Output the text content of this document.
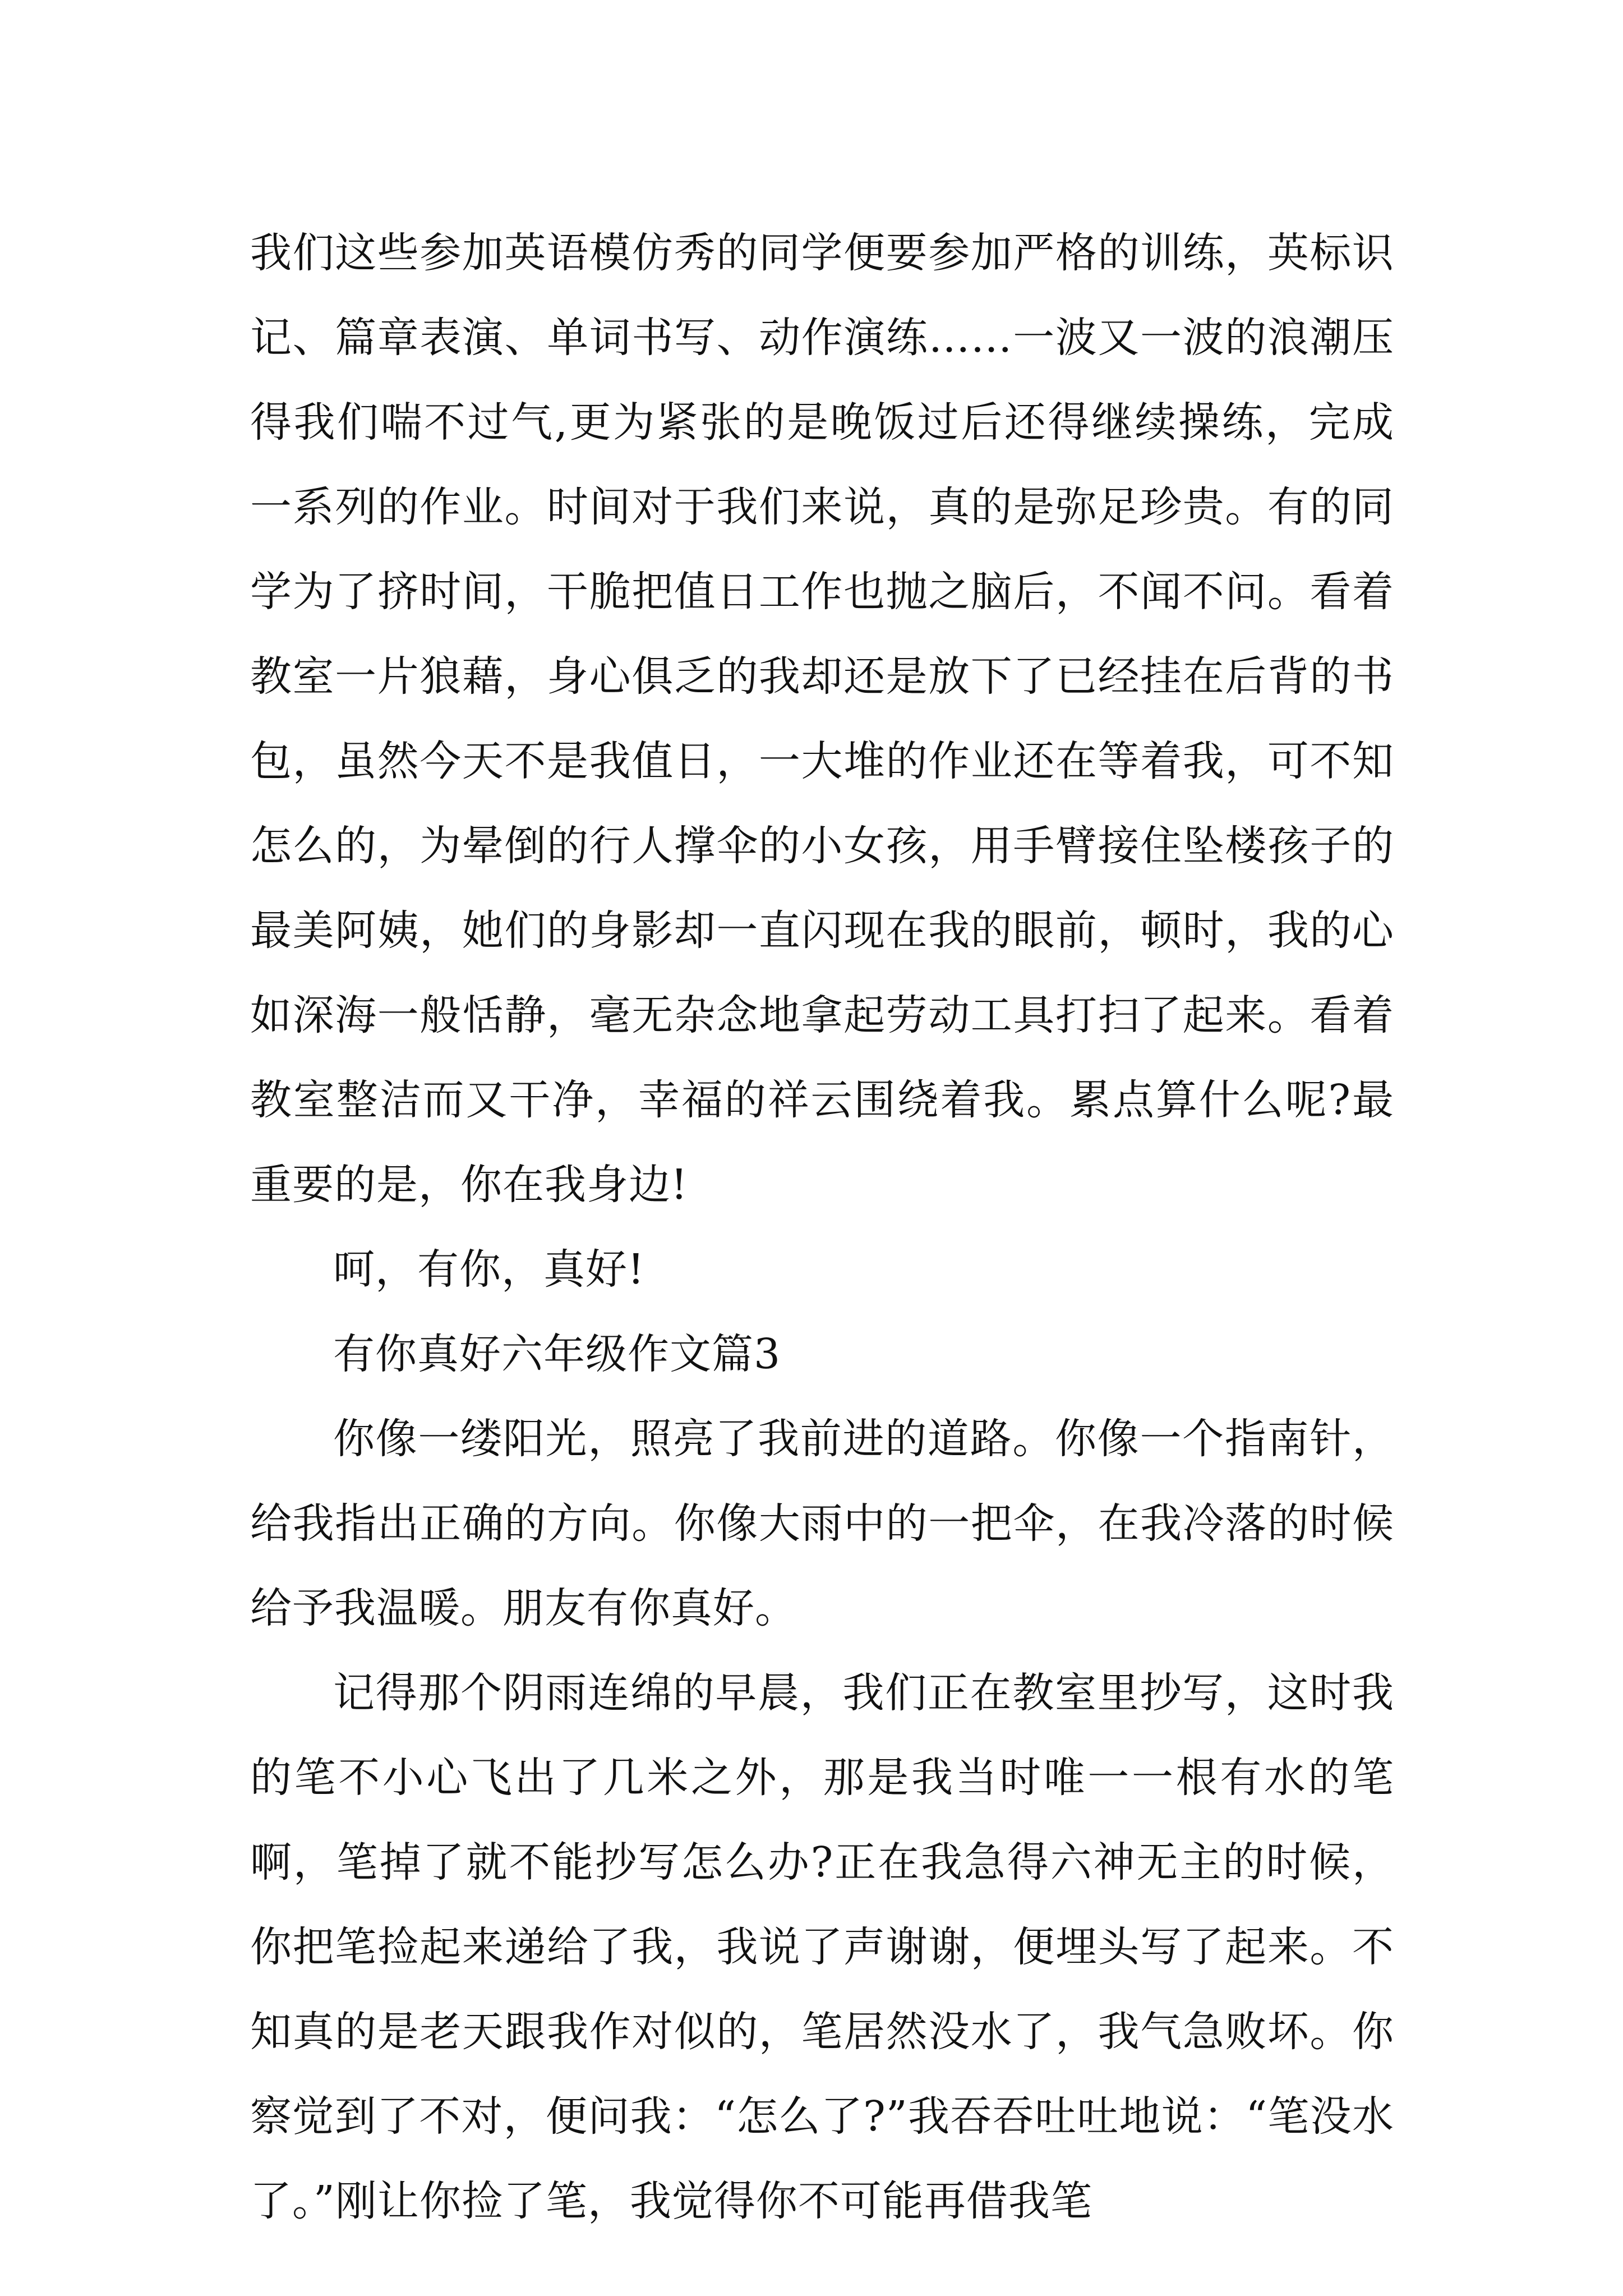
我们这些参加英语模仿秀的同学便要参加严格的训练，英标识记、篇章表演、单词书写、动作演练……一波又一波的浪潮压得我们喘不过气,更为紧张的是晚饭过后还得继续操练，完成一系列的作业。时间对于我们来说，真的是弥足珍贵。有的同学为了挤时间，干脆把值日工作也抛之脑后，不闻不问。看着教室一片狼藉，身心俱乏的我却还是放下了已经挂在后背的书包，虽然今天不是我值日，一大堆的作业还在等着我，可不知怎么的，为晕倒的行人撑伞的小女孩，用手臂接住坠楼孩子的最美阿姨，她们的身影却一直闪现在我的眼前，顿时，我的心如深海一般恬静，毫无杂念地拿起劳动工具打扫了起来。看着教室整洁而又干净，幸福的祥云围绕着我。累点算什么呢?最重要的是，你在我身边!

呵，有你，真好!

有你真好六年级作文篇3

你像一缕阳光，照亮了我前进的道路。你像一个指南针，给我指出正确的方向。你像大雨中的一把伞，在我冷落的时候给予我温暖。朋友有你真好。

记得那个阴雨连绵的早晨，我们正在教室里抄写，这时我的笔不小心飞出了几米之外，那是我当时唯一一根有水的笔啊，笔掉了就不能抄写怎么办?正在我急得六神无主的时候，你把笔捡起来递给了我，我说了声谢谢，便埋头写了起来。不知真的是老天跟我作对似的，笔居然没水了，我气急败坏。你察觉到了不对，便问我：“怎么了?”我吞吞吐吐地说：“笔没水了。”刚让你捡了笔，我觉得你不可能再借我笔
